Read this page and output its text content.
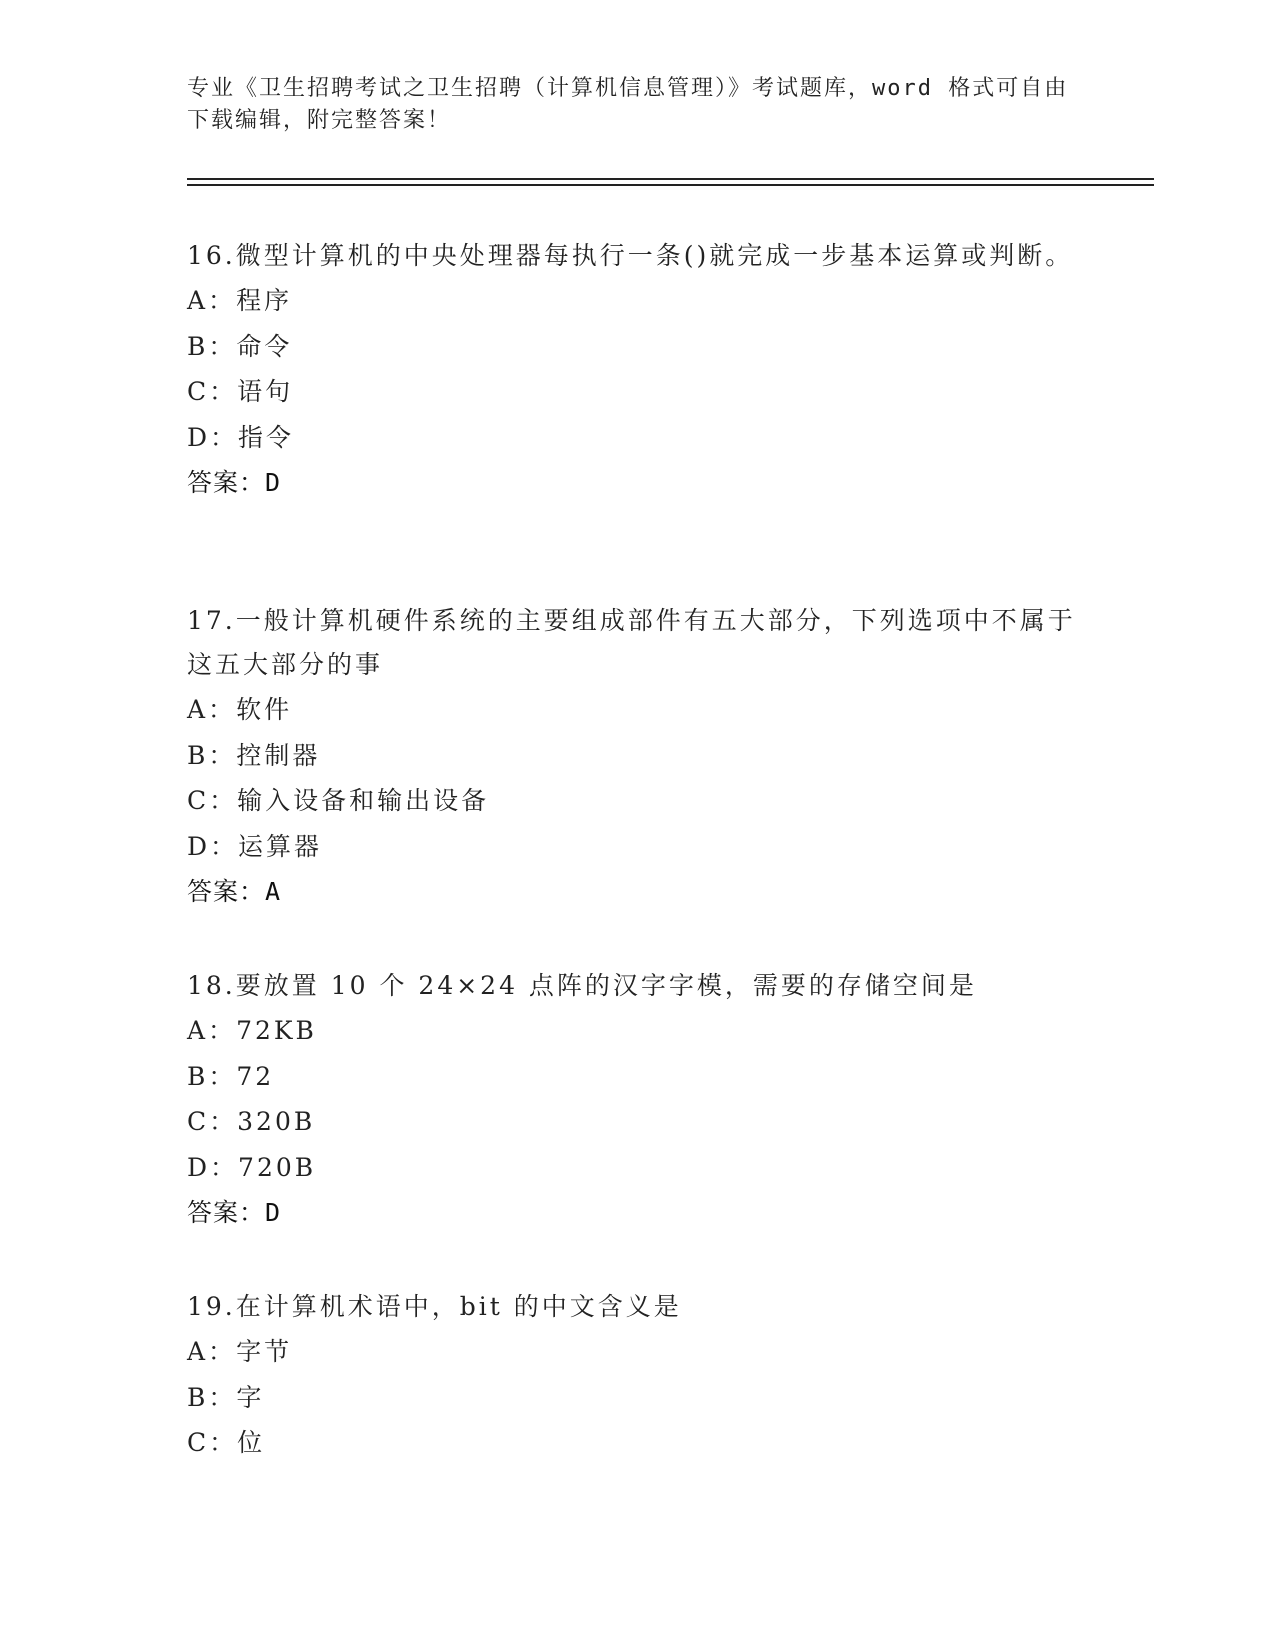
专业《卫生招聘考试之卫生招聘（计算机信息管理）》考试题库，word 格式可自由下载编辑，附完整答案！
16.微型计算机的中央处理器每执行一条()就完成一步基本运算或判断。
A：程序
B：命令
C：语句
D：指令
答案：D
17.一般计算机硬件系统的主要组成部件有五大部分，下列选项中不属于这五大部分的事
A：软件
B：控制器
C：输入设备和输出设备
D：运算器
答案：A
18.要放置 10 个 24×24 点阵的汉字字模，需要的存储空间是
A：72KB
B：72
C：320B
D：720B
答案：D
19.在计算机术语中，bit 的中文含义是
A：字节
B：字
C：位
